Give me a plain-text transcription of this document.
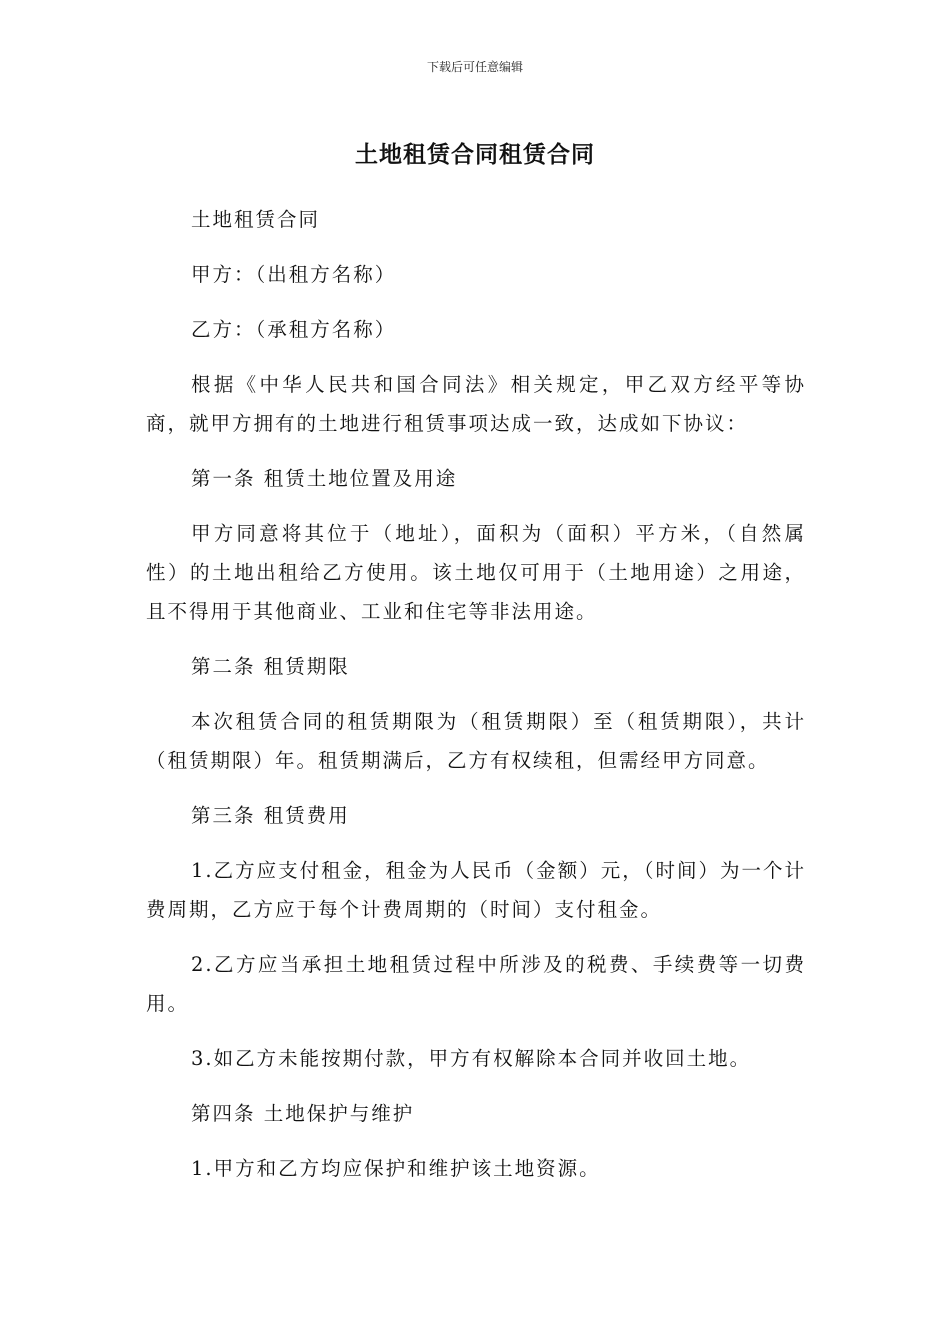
下载后可任意编辑
土地租赁合同租赁合同

土地租赁合同

甲方：（出租方名称）

乙方：（承租方名称）

根据《中华人民共和国合同法》相关规定，甲乙双方经平等协商，就甲方拥有的土地进行租赁事项达成一致，达成如下协议：

第一条 租赁土地位置及用途

甲方同意将其位于（地址），面积为（面积）平方米，（自然属性）的土地出租给乙方使用。该土地仅可用于（土地用途）之用途，且不得用于其他商业、工业和住宅等非法用途。

第二条 租赁期限

本次租赁合同的租赁期限为（租赁期限）至（租赁期限），共计（租赁期限）年。租赁期满后，乙方有权续租，但需经甲方同意。

第三条 租赁费用

1.乙方应支付租金，租金为人民币（金额）元，（时间）为一个计费周期，乙方应于每个计费周期的（时间）支付租金。

2.乙方应当承担土地租赁过程中所涉及的税费、手续费等一切费用。

3.如乙方未能按期付款，甲方有权解除本合同并收回土地。

第四条 土地保护与维护

1.甲方和乙方均应保护和维护该土地资源。
